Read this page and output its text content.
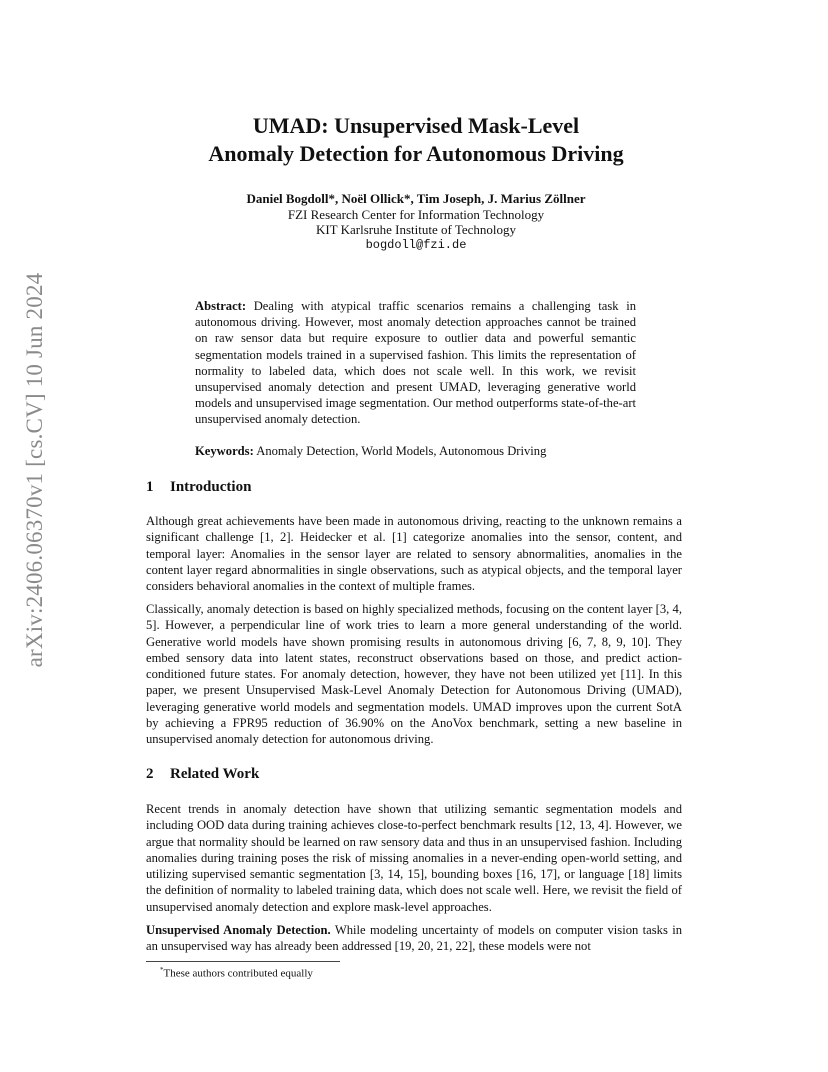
arXiv:2406.06370v1 [cs.CV] 10 Jun 2024
UMAD: Unsupervised Mask-Level
Anomaly Detection for Autonomous Driving
Daniel Bogdoll*, Noël Ollick*, Tim Joseph, J. Marius Zöllner
FZI Research Center for Information Technology
KIT Karlsruhe Institute of Technology
bogdoll@fzi.de
Abstract: Dealing with atypical traffic scenarios remains a challenging task in autonomous driving. However, most anomaly detection approaches cannot be trained on raw sensor data but require exposure to outlier data and powerful semantic segmentation models trained in a supervised fashion. This limits the representation of normality to labeled data, which does not scale well. In this work, we revisit unsupervised anomaly detection and present UMAD, leveraging generative world models and unsupervised image segmentation. Our method outperforms state-of-the-art unsupervised anomaly detection.
Keywords: Anomaly Detection, World Models, Autonomous Driving
1 Introduction

Although great achievements have been made in autonomous driving, reacting to the unknown remains a significant challenge [1, 2]. Heidecker et al. [1] categorize anomalies into the sensor, content, and temporal layer: Anomalies in the sensor layer are related to sensory abnormalities, anomalies in the content layer regard abnormalities in single observations, such as atypical objects, and the temporal layer considers behavioral anomalies in the context of multiple frames.

Classically, anomaly detection is based on highly specialized methods, focusing on the content layer [3, 4, 5]. However, a perpendicular line of work tries to learn a more general understanding of the world. Generative world models have shown promising results in autonomous driving [6, 7, 8, 9, 10]. They embed sensory data into latent states, reconstruct observations based on those, and predict action-conditioned future states. For anomaly detection, however, they have not been utilized yet [11]. In this paper, we present Unsupervised Mask-Level Anomaly Detection for Autonomous Driving (UMAD), leveraging generative world models and segmentation models. UMAD improves upon the current SotA by achieving a FPR95 reduction of 36.90% on the AnoVox benchmark, setting a new baseline in unsupervised anomaly detection for autonomous driving.

2 Related Work

Recent trends in anomaly detection have shown that utilizing semantic segmentation models and including OOD data during training achieves close-to-perfect benchmark results [12, 13, 4]. However, we argue that normality should be learned on raw sensory data and thus in an unsupervised fashion. Including anomalies during training poses the risk of missing anomalies in a never-ending open-world setting, and utilizing supervised semantic segmentation [3, 14, 15], bounding boxes [16, 17], or language [18] limits the definition of normality to labeled training data, which does not scale well. Here, we revisit the field of unsupervised anomaly detection and explore mask-level approaches.

Unsupervised Anomaly Detection. While modeling uncertainty of models on computer vision tasks in an unsupervised way has already been addressed [19, 20, 21, 22], these models were not

*These authors contributed equally
